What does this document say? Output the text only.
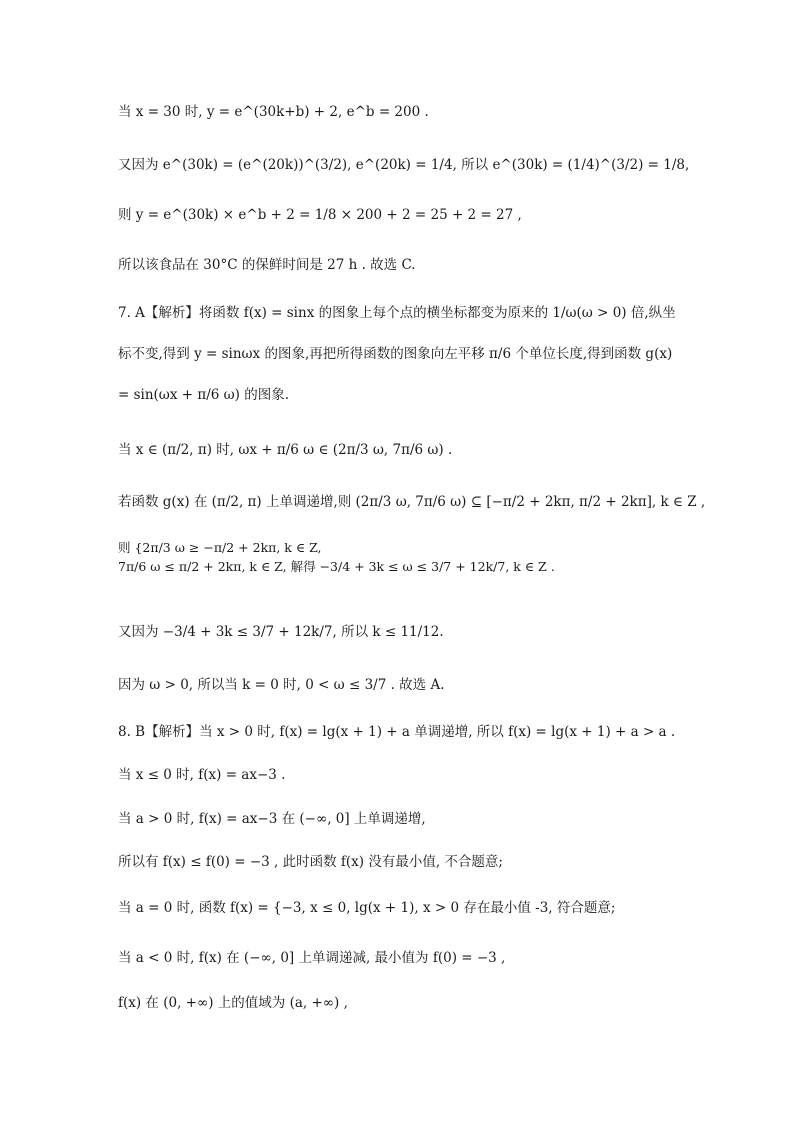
当 x = 30 时, y = e^(30k+b) + 2, e^b = 200 .
又因为 e^(30k) = (e^(20k))^(3/2), e^(20k) = 1/4, 所以 e^(30k) = (1/4)^(3/2) = 1/8,
则 y = e^(30k) × e^b + 2 = 1/8 × 200 + 2 = 25 + 2 = 27 ,
所以该食品在 30°C 的保鲜时间是 27 h . 故选 C.
7. A【解析】将函数 f(x) = sinx 的图象上每个点的横坐标都变为原来的 1/ω(ω > 0) 倍,纵坐
标不变,得到 y = sinωx 的图象,再把所得函数的图象向左平移 π/6 个单位长度,得到函数 g(x)
= sin(ωx + π/6 ω) 的图象.
当 x ∈ (π/2, π) 时, ωx + π/6 ω ∈ (2π/3 ω, 7π/6 ω) .
若函数 g(x) 在 (π/2, π) 上单调递增,则 (2π/3 ω, 7π/6 ω) ⊆ [−π/2 + 2kπ, π/2 + 2kπ], k ∈ Z ,
则 {2π/3 ω ≥ −π/2 + 2kπ, k ∈ Z,
7π/6 ω ≤ π/2 + 2kπ, k ∈ Z, 解得 −3/4 + 3k ≤ ω ≤ 3/7 + 12k/7, k ∈ Z .
又因为 −3/4 + 3k ≤ 3/7 + 12k/7, 所以 k ≤ 11/12.
因为 ω > 0, 所以当 k = 0 时, 0 < ω ≤ 3/7 . 故选 A.
8. B【解析】当 x > 0 时, f(x) = lg(x + 1) + a 单调递增, 所以 f(x) = lg(x + 1) + a > a .
当 x ≤ 0 时, f(x) = ax−3 .
当 a > 0 时, f(x) = ax−3 在 (−∞, 0] 上单调递增,
所以有 f(x) ≤ f(0) = −3 , 此时函数 f(x) 没有最小值, 不合题意;
当 a = 0 时, 函数 f(x) = {−3, x ≤ 0, lg(x + 1), x > 0 存在最小值 -3, 符合题意;
当 a < 0 时, f(x) 在 (−∞, 0] 上单调递减, 最小值为 f(0) = −3 ,
f(x) 在 (0, +∞) 上的值域为 (a, +∞) ,
